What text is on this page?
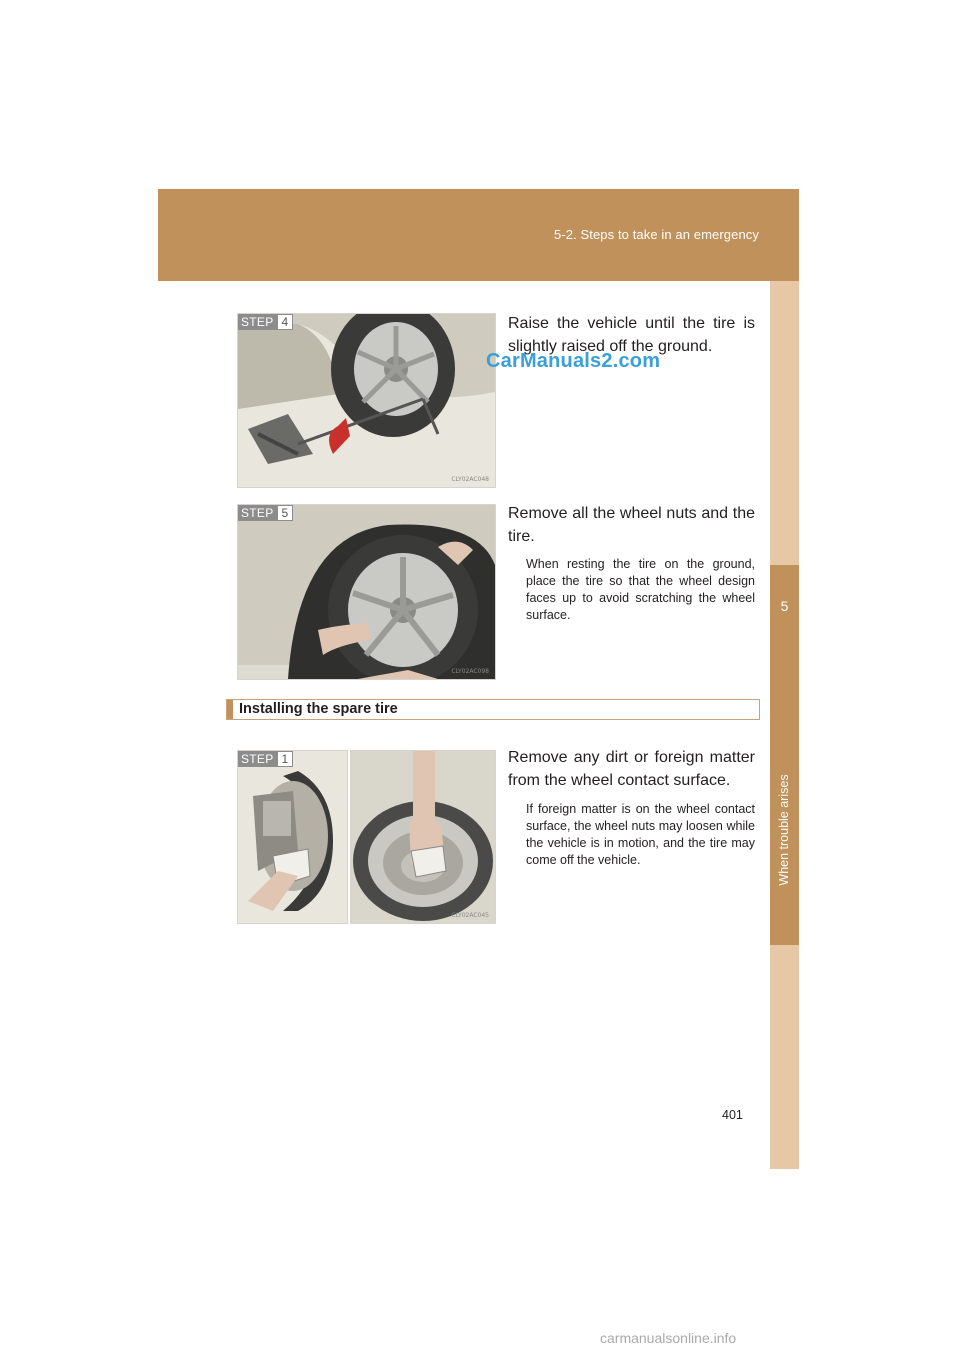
5-2. Steps to take in an emergency
5
When trouble arises
STEP 4
CLY02AC048
Raise the vehicle until the tire is slightly raised off the ground.
CarManuals2.com
STEP 5
CLY02AC098
Remove all the wheel nuts and the tire.
When resting the tire on the ground, place the tire so that the wheel design faces up to avoid scratching the wheel surface.
Installing the spare tire
STEP 1
CLY02AC045
Remove any dirt or foreign matter from the wheel contact surface.
If foreign matter is on the wheel contact surface, the wheel nuts may loosen while the vehicle is in motion, and the tire may come off the vehicle.
401
carmanualsonline.info
